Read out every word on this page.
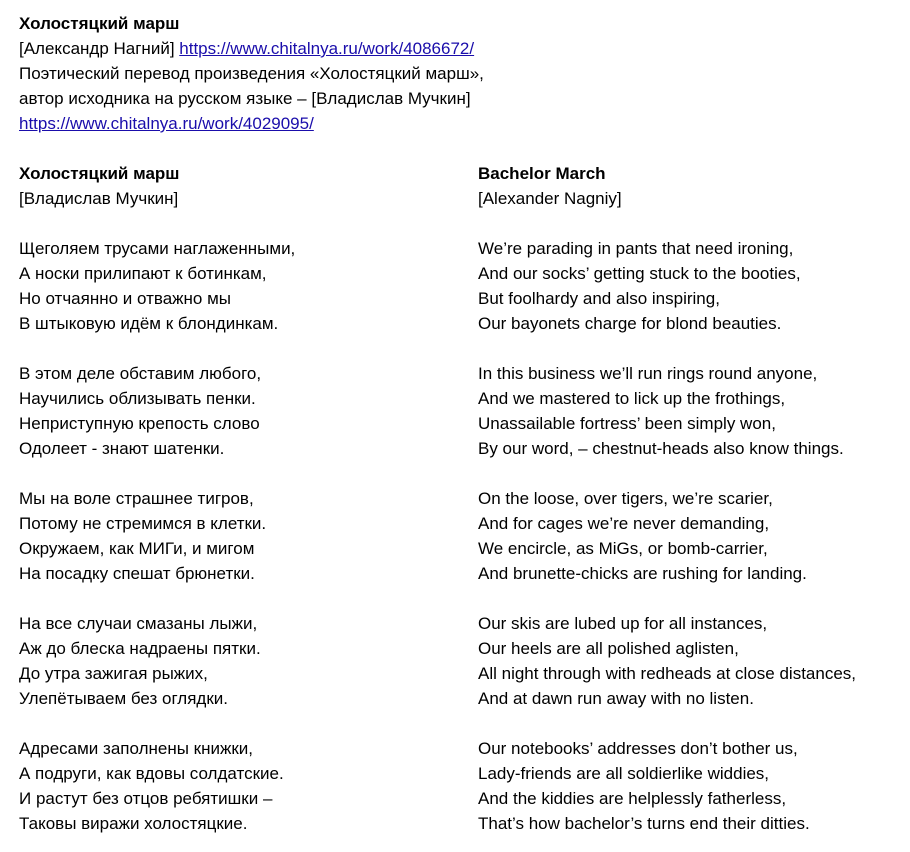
Холостяцкий марш
[Александр Нагний] https://www.chitalnya.ru/work/4086672/
Поэтический перевод произведения «Холостяцкий марш»,
автор исходника на русском языке – [Владислав Мучкин]
https://www.chitalnya.ru/work/4029095/
Холостяцкий марш
[Владислав Мучкин]
Щеголяем трусами наглаженными,
А носки прилипают к ботинкам,
Но отчаянно и отважно мы
В штыковую идём к блондинкам.
В этом деле обставим любого,
Научились облизывать пенки.
Неприступную крепость слово
Одолеет - знают шатенки.
Мы на воле страшнее тигров,
Потому не стремимся в клетки.
Окружаем, как МИГи, и мигом
На посадку спешат брюнетки.
На все случаи смазаны лыжи,
Аж до блеска надраены пятки.
До утра зажигая рыжих,
Улепётываем без оглядки.
Адресами заполнены книжки,
А подруги, как вдовы солдатские.
И растут без отцов ребятишки –
Таковы виражи холостяцкие.
Bachelor March
[Alexander Nagniy]
We’re parading in pants that need ironing,
And our socks’ getting stuck to the booties,
But foolhardy and also inspiring,
Our bayonets charge for blond beauties.
In this business we’ll run rings round anyone,
And we mastered to lick up the frothings,
Unassailable fortress’ been simply won,
By our word, – chestnut-heads also know things.
On the loose, over tigers, we’re scarier,
And for cages we’re never demanding,
We encircle, as MiGs, or bomb-carrier,
And brunette-chicks are rushing for landing.
Our skis are lubed up for all instances,
Our heels are all polished aglisten,
All night through with redheads at close distances,
And at dawn run away with no listen.
Our notebooks’ addresses don’t bother us,
Lady-friends are all soldierlike widdies,
And the kiddies are helplessly fatherless,
That’s how bachelor’s turns end their ditties.
